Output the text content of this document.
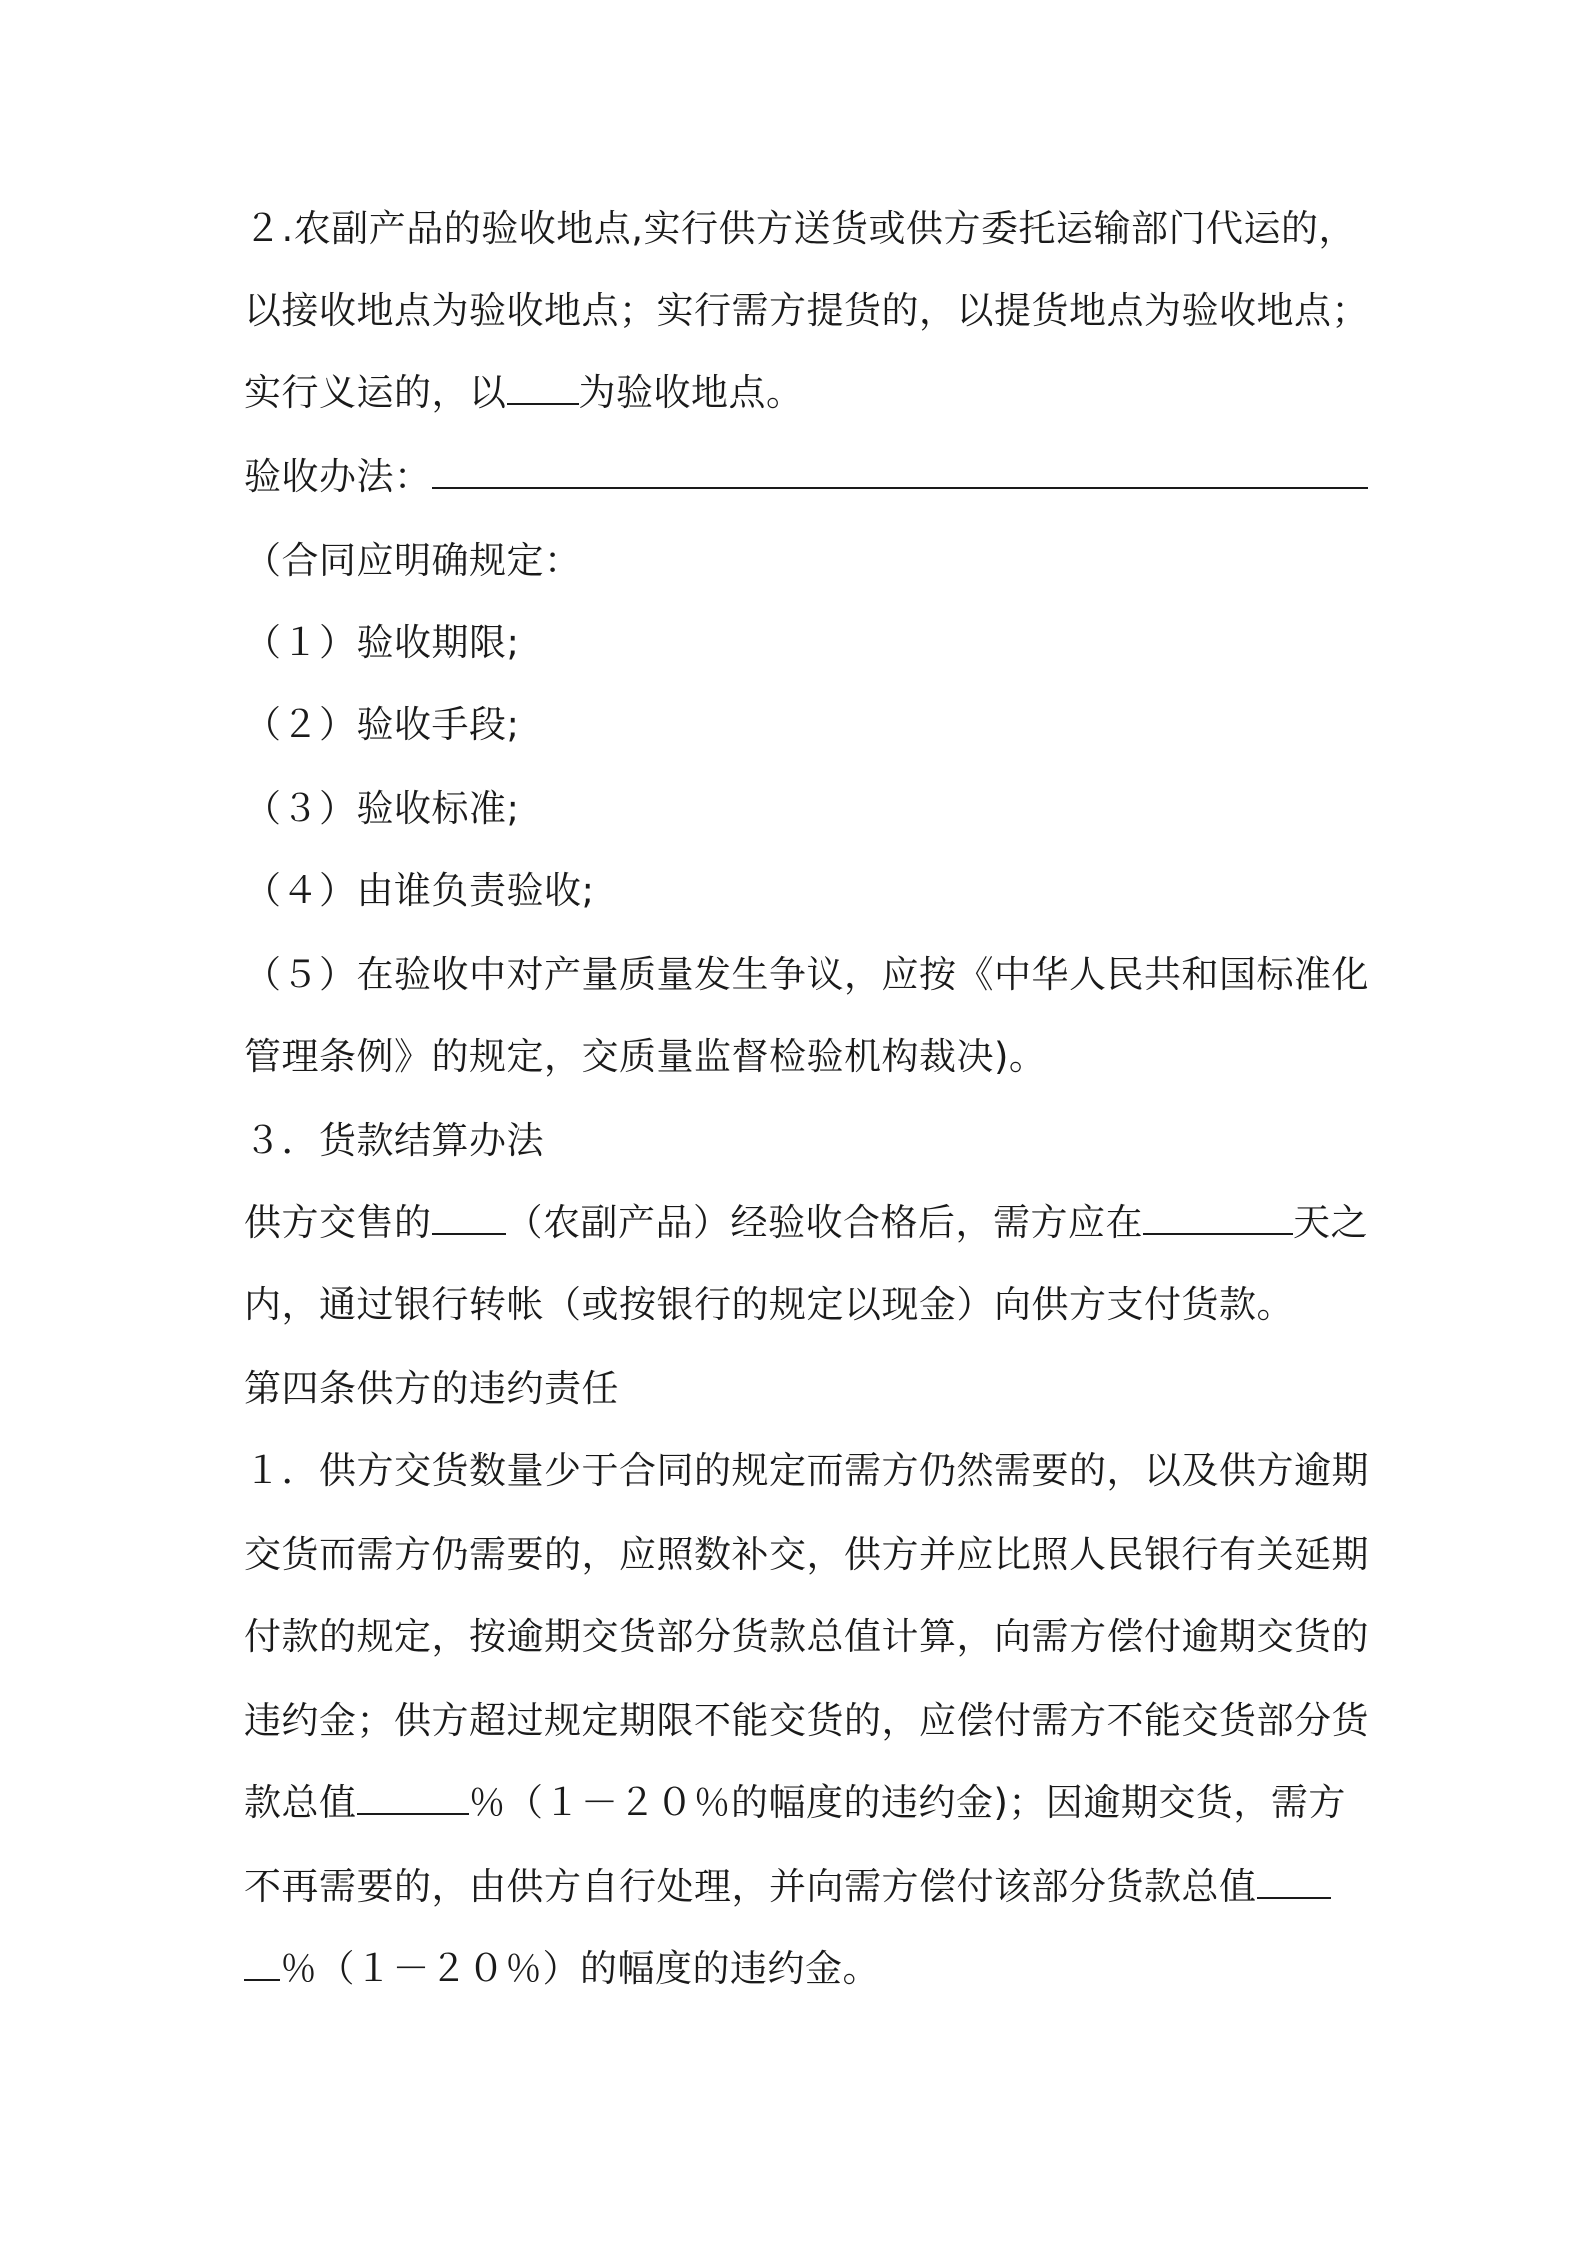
２.农副产品的验收地点,实行供方送货或供方委托运输部门代运的，
以接收地点为验收地点；实行需方提货的，以提货地点为验收地点；
实行义运的，以 为验收地点。
验收办法：
（合同应明确规定：
（１）验收期限;
（２）验收手段;
（３）验收标准;
（４）由谁负责验收;
（５）在验收中对产量质量发生争议，应按《中华人民共和国标准化
管理条例》的规定，交质量监督检验机构裁决)。
３．货款结算办法
供方交售的 （农副产品）经验收合格后，需方应在	天之
内，通过银行转帐（或按银行的规定以现金）向供方支付货款。
第四条供方的违约责任
１．供方交货数量少于合同的规定而需方仍然需要的，以及供方逾期
交货而需方仍需要的，应照数补交，供方并应比照人民银行有关延期
付款的规定，按逾期交货部分货款总值计算，向需方偿付逾期交货的
违约金；供方超过规定期限不能交货的，应偿付需方不能交货部分货
款总值	％（１－２０％的幅度的违约金)；因逾期交货，需方
不再需要的，由供方自行处理，并向需方偿付该部分货款总值
％（１－２０％）的幅度的违约金。
